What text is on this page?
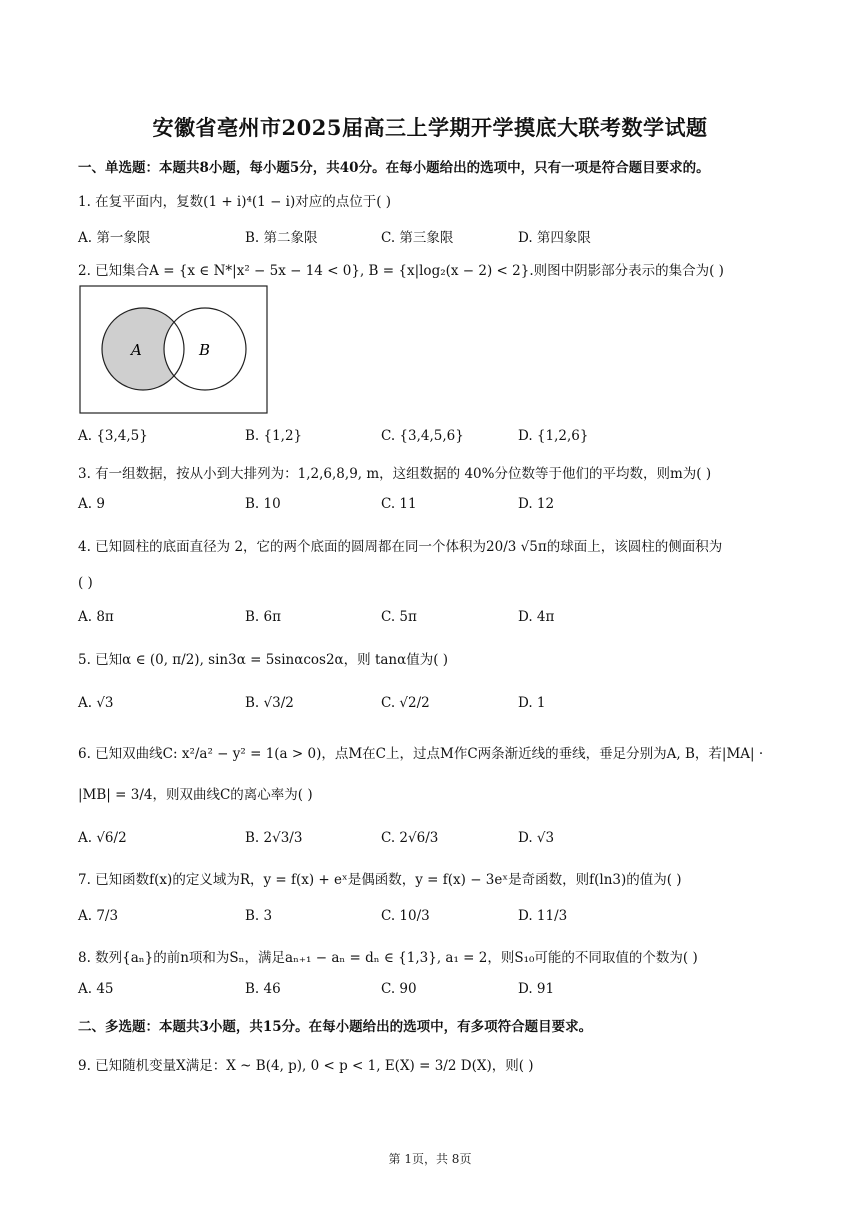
安徽省亳州市2025届高三上学期开学摸底大联考数学试题
一、单选题：本题共8小题，每小题5分，共40分。在每小题给出的选项中，只有一项是符合题目要求的。
1. 在复平面内，复数(1 + i)⁴(1 − i)对应的点位于( )
A. 第一象限	B. 第二象限	C. 第三象限	D. 第四象限
2. 已知集合A = {x ∈ N*|x² − 5x − 14 < 0}, B = {x|log₂(x − 2) < 2}.则图中阴影部分表示的集合为( )
A	B
A. {3,4,5}	B. {1,2}	C. {3,4,5,6}	D. {1,2,6}
3. 有一组数据，按从小到大排列为：1,2,6,8,9, m，这组数据的 40%分位数等于他们的平均数，则m为( )
A. 9	B. 10	C. 11	D. 12
4. 已知圆柱的底面直径为 2，它的两个底面的圆周都在同一个体积为20/3 √5π的球面上，该圆柱的侧面积为
( )
A. 8π	B. 6π	C. 5π	D. 4π
5. 已知α ∈ (0, π/2), sin3α = 5sinαcos2α，则 tanα值为( )
A. √3	B. √3/2	C. √2/2	D. 1
6. 已知双曲线C: x²/a² − y² = 1(a > 0)，点M在C上，过点M作C两条渐近线的垂线，垂足分别为A, B，若|MA| ·
|MB| = 3/4，则双曲线C的离心率为( )
A. √6/2	B. 2√3/3	C. 2√6/3	D. √3
7. 已知函数f(x)的定义域为R，y = f(x) + eˣ是偶函数，y = f(x) − 3eˣ是奇函数，则f(ln3)的值为( )
A. 7/3	B. 3	C. 10/3	D. 11/3
8. 数列{aₙ}的前n项和为Sₙ，满足aₙ₊₁ − aₙ = dₙ ∈ {1,3}, a₁ = 2，则S₁₀可能的不同取值的个数为( )
A. 45	B. 46	C. 90	D. 91
二、多选题：本题共3小题，共15分。在每小题给出的选项中，有多项符合题目要求。
9. 已知随机变量X满足：X ~ B(4, p), 0 < p < 1, E(X) = 3/2 D(X)，则( )
第 1页，共 8页
